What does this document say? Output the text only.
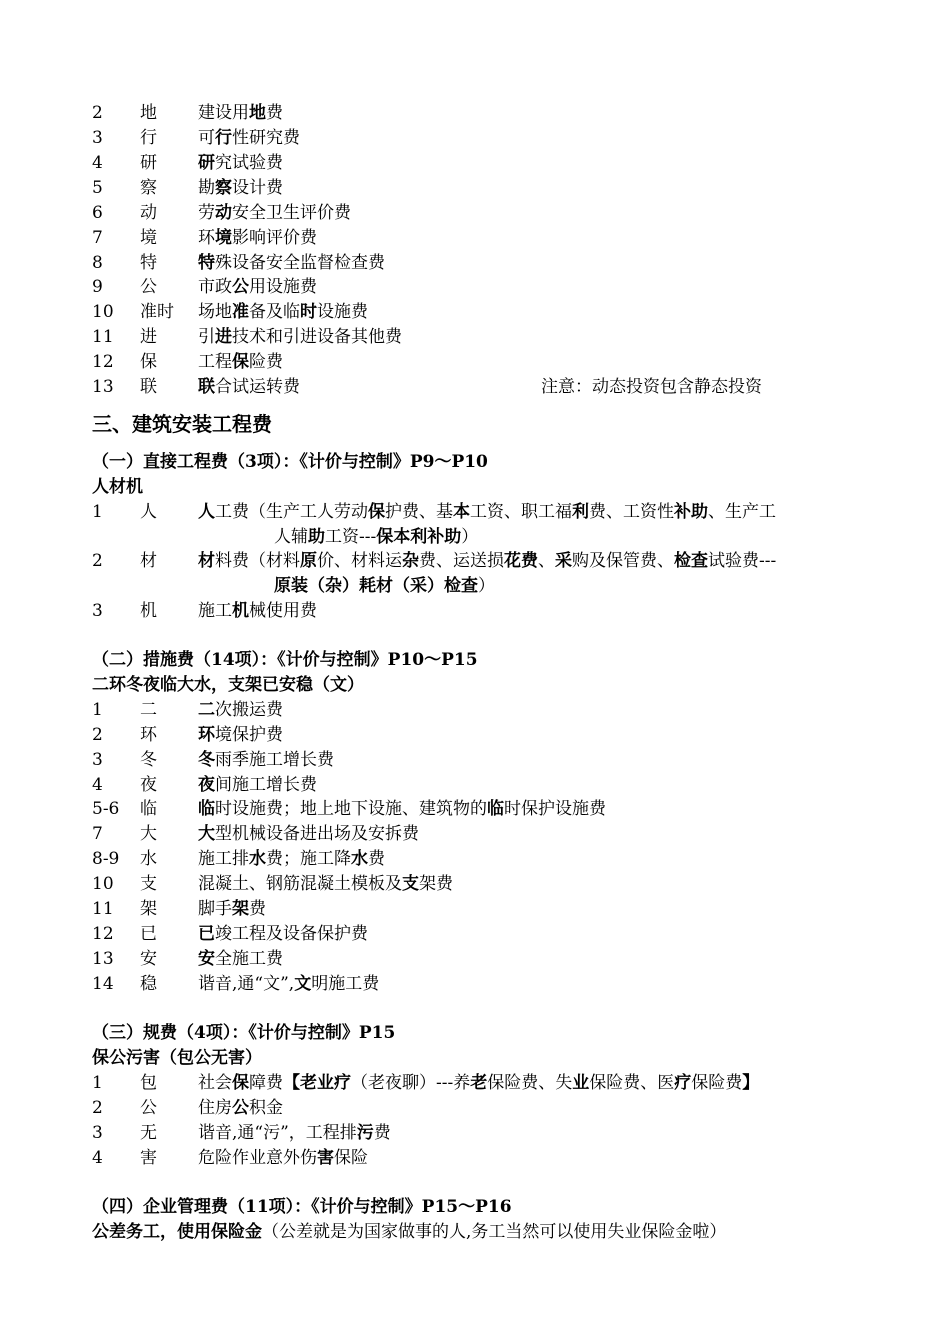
2 地 建设用地费
3 行 可行性研究费
4 研 研究试验费
5 察 勘察设计费
6 动 劳动安全卫生评价费
7 境 环境影响评价费
8 特 特殊设备安全监督检查费
9 公 市政公用设施费
10 准时 场地准备及临时设施费
11 进 引进技术和引进设备其他费
12 保 工程保险费
13 联 联合试运转费	注意：动态投资包含静态投资
三、建筑安装工程费
（一）直接工程费（3项）：《计价与控制》P9～P10
人材机
1 人 人工费（生产工人劳动保护费、基本工资、职工福利费、工资性补助、生产工
人辅助工资---保本利补助）
2 材 材料费（材料原价、材料运杂费、运送损花费、采购及保管费、检查试验费---
原装（杂）耗材（采）检查）
3 机 施工机械使用费
（二）措施费（14项）：《计价与控制》P10～P15
二环冬夜临大水，支架已安稳（文）
1 二 二次搬运费
2 环 环境保护费
3 冬 冬雨季施工增长费
4 夜 夜间施工增长费
5-6 临 临时设施费；地上地下设施、建筑物的临时保护设施费
7 大 大型机械设备进出场及安拆费
8-9 水 施工排水费；施工降水费
10 支 混凝土、钢筋混凝土模板及支架费
11 架 脚手架费
12 已 已竣工程及设备保护费
13 安 安全施工费
14 稳 谐音,通“文”,文明施工费
（三）规费（4项）：《计价与控制》P15
保公污害（包公无害）
1 包 社会保障费【老业疗（老夜聊）---养老保险费、失业保险费、医疗保险费】
2 公 住房公积金
3 无 谐音,通“污”，工程排污费
4 害 危险作业意外伤害保险
（四）企业管理费（11项）：《计价与控制》P15～P16
公差务工，使用保险金（公差就是为国家做事的人,务工当然可以使用失业保险金啦）
